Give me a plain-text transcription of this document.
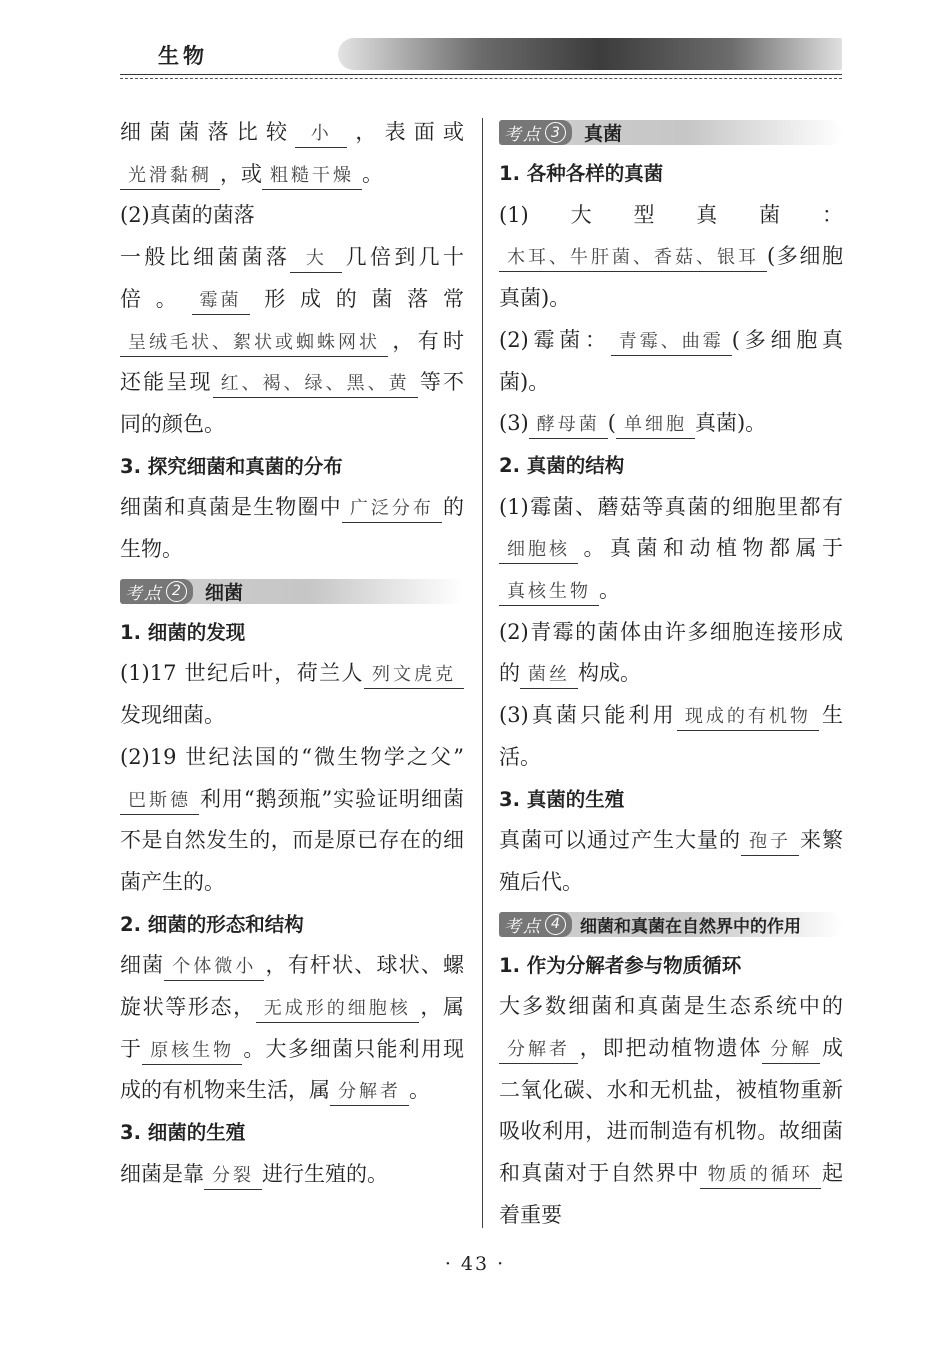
生物
细菌菌落比较 小 ，表面或光滑黏稠 ，或 粗糙干燥 。
(2)真菌的菌落
一般比细菌菌落 大 几倍到几十倍。 霉菌 形成的菌落常呈绒毛状、絮状或蜘蛛网状 ，有时还能呈现 红、褐、绿、黑、黄 等不同的颜色。
3. 探究细菌和真菌的分布
细菌和真菌是生物圈中 广泛分布 的生物。
考点 2	细菌
1. 细菌的发现
(1)17 世纪后叶，荷兰人 列文虎克发现细菌。
(2)19 世纪法国的“微生物学之父”巴斯德 利用“鹅颈瓶”实验证明细菌不是自然发生的，而是原已存在的细菌产生的。
2. 细菌的形态和结构
细菌 个体微小 ，有杆状、球状、螺旋状等形态， 无成形的细胞核 ，属于 原核生物 。大多细菌只能利用现成的有机物来生活，属 分解者 。
3. 细菌的生殖
细菌是靠 分裂 进行生殖的。
考点 3	真菌
1. 各种各样的真菌
(1)大型真菌：木耳、牛肝菌、香菇、银耳 (多细胞真菌)。
(2)霉菌： 青霉、曲霉 (多细胞真菌)。
(3) 酵母菌 ( 单细胞 真菌)。
2. 真菌的结构
(1)霉菌、蘑菇等真菌的细胞里都有细胞核 。真菌和动植物都属于真核生物 。
(2)青霉的菌体由许多细胞连接形成的 菌丝 构成。
(3)真菌只能利用 现成的有机物 生活。
3. 真菌的生殖
真菌可以通过产生大量的 孢子 来繁殖后代。
考点 4	细菌和真菌在自然界中的作用
1. 作为分解者参与物质循环
大多数细菌和真菌是生态系统中的分解者 ，即把动植物遗体 分解 成二氧化碳、水和无机盐，被植物重新吸收利用，进而制造有机物。故细菌和真菌对于自然界中 物质的循环 起着重要
· 43 ·
